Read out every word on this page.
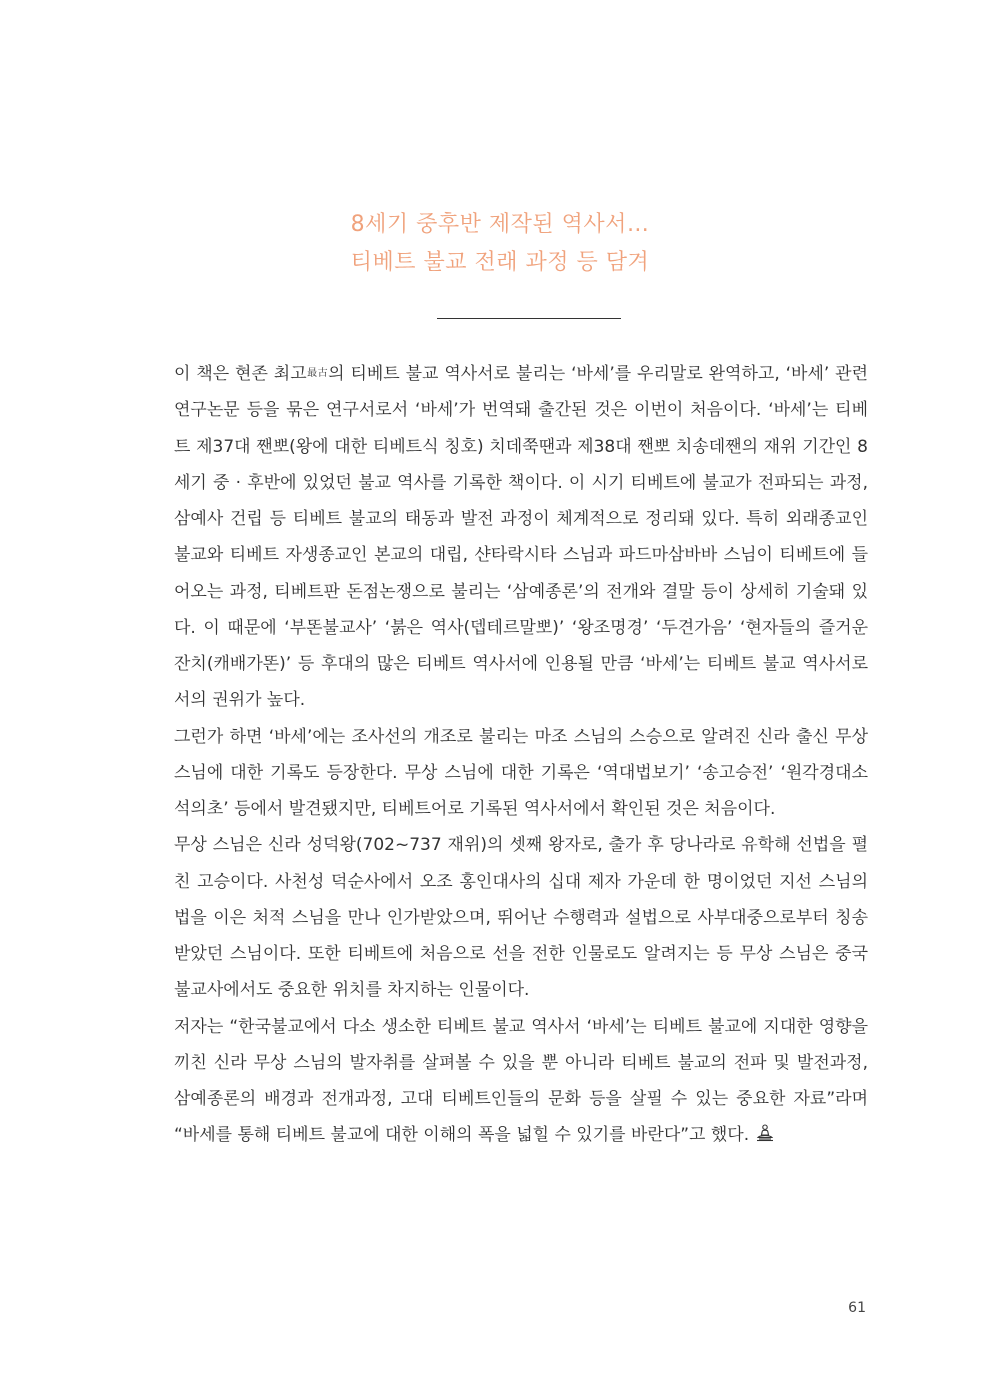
8세기 중후반 제작된 역사서…
티베트 불교 전래 과정 등 담겨

이 책은 현존 최고最古의 티베트 불교 역사서로 불리는 ‘바세’를 우리말로 완역하고, ‘바세’ 관련 연구논문 등을 묶은 연구서로서 ‘바세’가 번역돼 출간된 것은 이번이 처음이다. ‘바세’는 티베트 제37대 짼뽀(왕에 대한 티베트식 칭호) 치데쭉땐과 제38대 짼뽀 치송데짼의 재위 기간인 8세기 중 · 후반에 있었던 불교 역사를 기록한 책이다. 이 시기 티베트에 불교가 전파되는 과정, 삼예사 건립 등 티베트 불교의 태동과 발전 과정이 체계적으로 정리돼 있다. 특히 외래종교인 불교와 티베트 자생종교인 본교의 대립, 샨타락시타 스님과 파드마삼바바 스님이 티베트에 들어오는 과정, 티베트판 돈점논쟁으로 불리는 ‘삼예종론’의 전개와 결말 등이 상세히 기술돼 있다. 이 때문에 ‘부똔불교사’ ‘붉은 역사(뎁테르말뽀)’ ‘왕조명경’ ‘두견가음’ ‘현자들의 즐거운 잔치(캐배가똔)’ 등 후대의 많은 티베트 역사서에 인용될 만큼 ‘바세’는 티베트 불교 역사서로서의 권위가 높다.

그런가 하면 ‘바세’에는 조사선의 개조로 불리는 마조 스님의 스승으로 알려진 신라 출신 무상 스님에 대한 기록도 등장한다. 무상 스님에 대한 기록은 ‘역대법보기’ ‘송고승전’ ‘원각경대소석의초’ 등에서 발견됐지만, 티베트어로 기록된 역사서에서 확인된 것은 처음이다.

무상 스님은 신라 성덕왕(702~737 재위)의 셋째 왕자로, 출가 후 당나라로 유학해 선법을 펼친 고승이다. 사천성 덕순사에서 오조 홍인대사의 십대 제자 가운데 한 명이었던 지선 스님의 법을 이은 처적 스님을 만나 인가받았으며, 뛰어난 수행력과 설법으로 사부대중으로부터 칭송받았던 스님이다. 또한 티베트에 처음으로 선을 전한 인물로도 알려지는 등 무상 스님은 중국불교사에서도 중요한 위치를 차지하는 인물이다.

저자는 “한국불교에서 다소 생소한 티베트 불교 역사서 ‘바세’는 티베트 불교에 지대한 영향을 끼친 신라 무상 스님의 발자취를 살펴볼 수 있을 뿐 아니라 티베트 불교의 전파 및 발전과정, 삼예종론의 배경과 전개과정, 고대 티베트인들의 문화 등을 살필 수 있는 중요한 자료”라며 “바세를 통해 티베트 불교에 대한 이해의 폭을 넓힐 수 있기를 바란다”고 했다.

61
